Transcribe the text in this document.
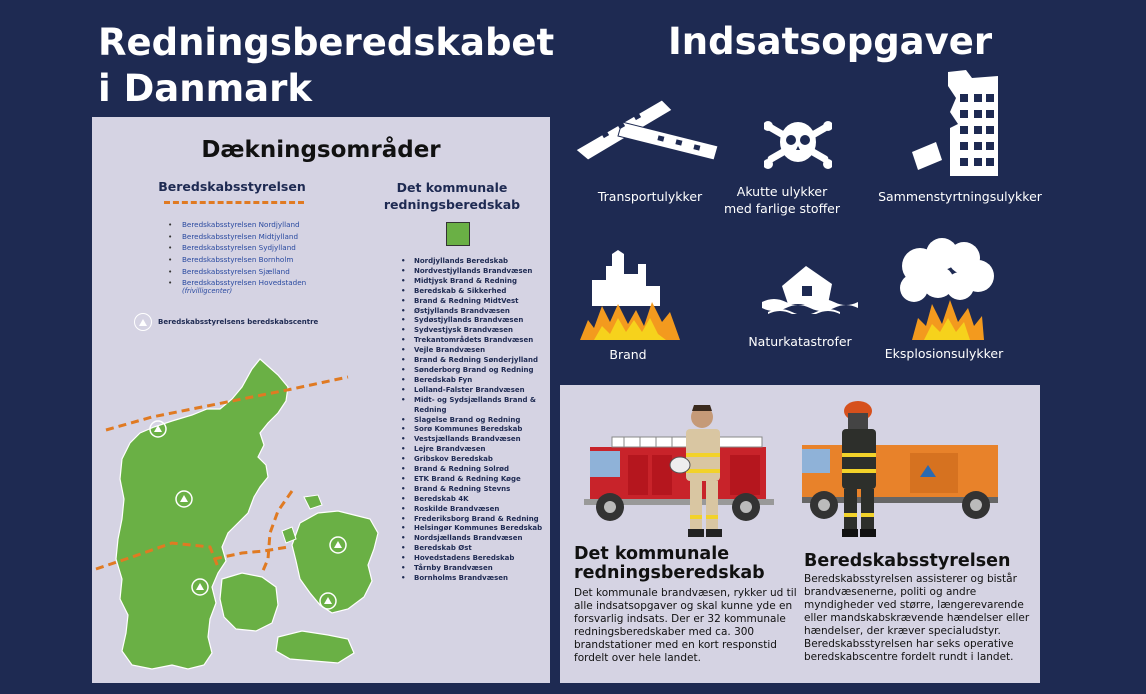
Redningsberedskabet
i Danmark
Indsatsopgaver
Dækningsområder
Beredskabsstyrelsen
• Beredskabsstyrelsen Nordjylland
• Beredskabsstyrelsen Midtjylland
• Beredskabsstyrelsen Sydjylland
• Beredskabsstyrelsen Bornholm
• Beredskabsstyrelsen Sjælland
• Beredskabsstyrelsen Hovedstaden
(frivilligcenter)
Beredskabsstyrelsens beredskabscentre
Det kommunale
redningsberedskab
• Nordjyllands Beredskab
• Nordvestjyllands Brandvæsen
• Midtjysk Brand & Redning
• Beredskab & Sikkerhed
• Brand & Redning MidtVest
• Østjyllands Brandvæsen
• Sydøstjyllands Brandvæsen
• Sydvestjysk Brandvæsen
• Trekantområdets Brandvæsen
• Vejle Brandvæsen
• Brand & Redning Sønderjylland
• Sønderborg Brand og Redning
• Beredskab Fyn
• Lolland-Falster Brandvæsen
• Midt- og Sydsjællands Brand & Redning
• Slagelse Brand og Redning
• Sorø Kommunes Beredskab
• Vestsjællands Brandvæsen
• Lejre Brandvæsen
• Gribskov Beredskab
• Brand & Redning Solrød
• ETK Brand & Redning Køge
• Brand & Redning Stevns
• Beredskab 4K
• Roskilde Brandvæsen
• Frederiksborg Brand & Redning
• Helsingør Kommunes Beredskab
• Nordsjællands Brandvæsen
• Beredskab Øst
• Hovedstadens Beredskab
• Tårnby Brandvæsen
• Bornholms Brandvæsen
Transportulykker	Akutte ulykker
med farlige stoffer
Sammenstyrtningsulykker
Brand
Naturkatastrofer
Eksplosionsulykker
Det kommunale
redningsberedskab
Det kommunale brandvæsen, rykker ud til alle indsatsopgaver og skal kunne yde en forsvarlig indsats. Der er 32 kommunale redningsberedskaber med ca. 300 brandstationer med en kort responstid fordelt over hele landet.
Beredskabsstyrelsen
Beredskabsstyrelsen assisterer og bistår brandvæsenerne, politi og andre myndigheder ved større, længerevarende eller mandskabskrævende hændelser eller hændelser, der kræver specialudstyr. Beredskabsstyrelsen har seks operative beredskabscentre fordelt rundt i landet.
